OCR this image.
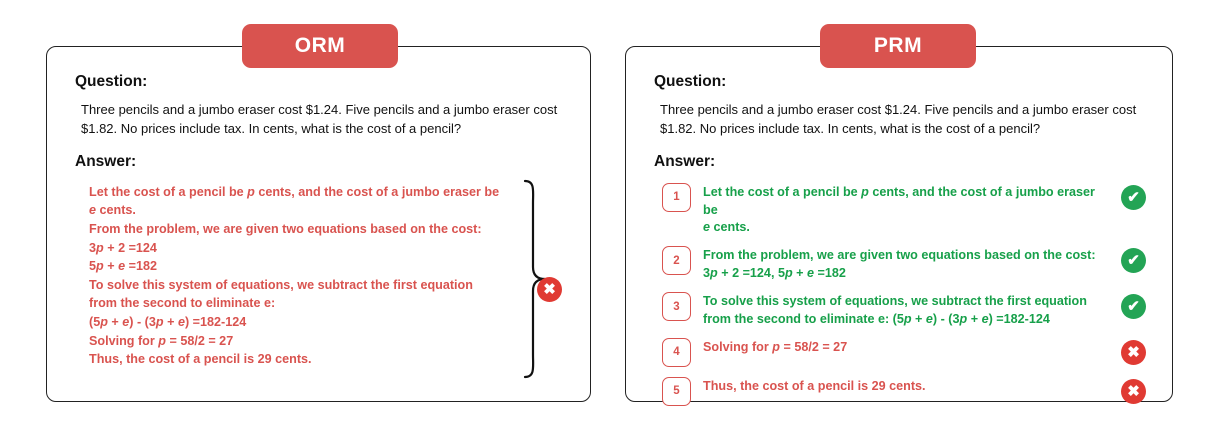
Question:
Three pencils and a jumbo eraser cost $1.24. Five pencils and a jumbo eraser cost $1.82. No prices include tax. In cents, what is the cost of a pencil?
Answer:
Let the cost of a pencil be p cents, and the cost of a jumbo eraser be
e cents.
From the problem, we are given two equations based on the cost:
3p + 2 =124
5p + e =182
To solve this system of equations, we subtract the first equation
from the second to eliminate e:
(5p + e) - (3p + e) =182-124
Solving for p = 58/2 = 27
Thus, the cost of a pencil is 29 cents.
✖
ORM
Question:
Three pencils and a jumbo eraser cost $1.24. Five pencils and a jumbo eraser cost $1.82. No prices include tax. In cents, what is the cost of a pencil?
Answer:
1	Let the cost of a pencil be p cents, and the cost of a jumbo eraser be
e cents.
✔
2	From the problem, we are given two equations based on the cost:
3p + 2 =124, 5p + e =182
✔
3	To solve this system of equations, we subtract the first equation
from the second to eliminate e: (5p + e) - (3p + e) =182-124
✔
4	Solving for p = 58/2 = 27	✖
5	Thus, the cost of a pencil is 29 cents.	✖
PRM
